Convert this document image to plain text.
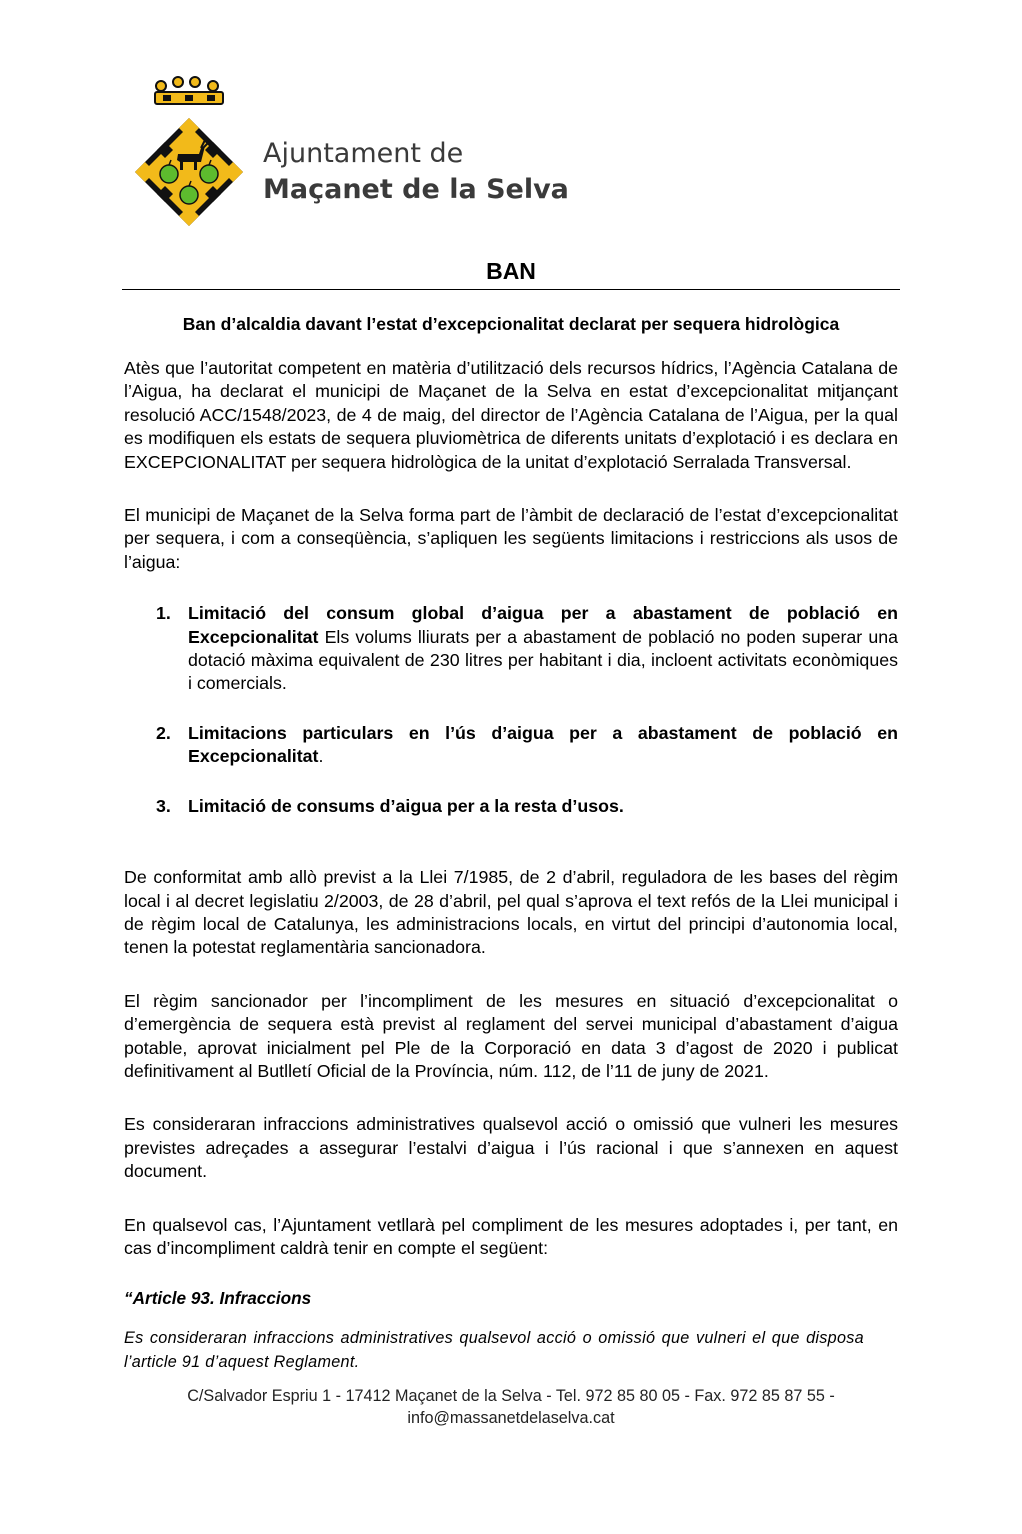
Ajuntament de
Maçanet de la Selva
BAN
Ban d’alcaldia davant l’estat d’excepcionalitat declarat per sequera hidrològica

Atès que l’autoritat competent en matèria d’utilització dels recursos hídrics, l’Agència Catalana de l’Aigua, ha declarat el municipi de Maçanet de la Selva en estat d’excepcionalitat mitjançant resolució ACC/1548/2023, de 4 de maig, del director de l’Agència Catalana de l’Aigua, per la qual es modifiquen els estats de sequera pluviomètrica de diferents unitats d’explotació i es declara en EXCEPCIONALITAT per sequera hidrològica de la unitat d’explotació Serralada Transversal.

El municipi de Maçanet de la Selva forma part de l’àmbit de declaració de l’estat d’excepcionalitat per sequera, i com a conseqüència, s’apliquen les següents limitacions i restriccions als usos de l’aigua:

1. Limitació del consum global d’aigua per a abastament de població en Excepcionalitat Els volums lliurats per a abastament de població no poden superar una dotació màxima equivalent de 230 litres per habitant i dia, incloent activitats econòmiques i comercials.
2. Limitacions particulars en l’ús d’aigua per a abastament de població en Excepcionalitat.
3. Limitació de consums d’aigua per a la resta d’usos.

De conformitat amb allò previst a la Llei 7/1985, de 2 d’abril, reguladora de les bases del règim local i al decret legislatiu 2/2003, de 28 d’abril, pel qual s’aprova el text refós de la Llei municipal i de règim local de Catalunya, les administracions locals, en virtut del principi d’autonomia local, tenen la potestat reglamentària sancionadora.

El règim sancionador per l’incompliment de les mesures en situació d’excepcionalitat o d’emergència de sequera està previst al reglament del servei municipal d’abastament d’aigua potable, aprovat inicialment pel Ple de la Corporació en data 3 d’agost de 2020 i publicat definitivament al Butlletí Oficial de la Província, núm. 112, de l’11 de juny de 2021.

Es consideraran infraccions administratives qualsevol acció o omissió que vulneri les mesures previstes adreçades a assegurar l’estalvi d’aigua i l’ús racional i que s’annexen en aquest document.

En qualsevol cas, l’Ajuntament vetllarà pel compliment de les mesures adoptades i, per tant, en cas d’incompliment caldrà tenir en compte el següent:

“Article 93. Infraccions

Es consideraran infraccions administratives qualsevol acció o omissió que vulneri el que disposa l’article 91 d’aquest Reglament.

C/Salvador Espriu 1 - 17412 Maçanet de la Selva - Tel. 972 85 80 05 - Fax. 972 85 87 55 -
info@massanetdelaselva.cat
